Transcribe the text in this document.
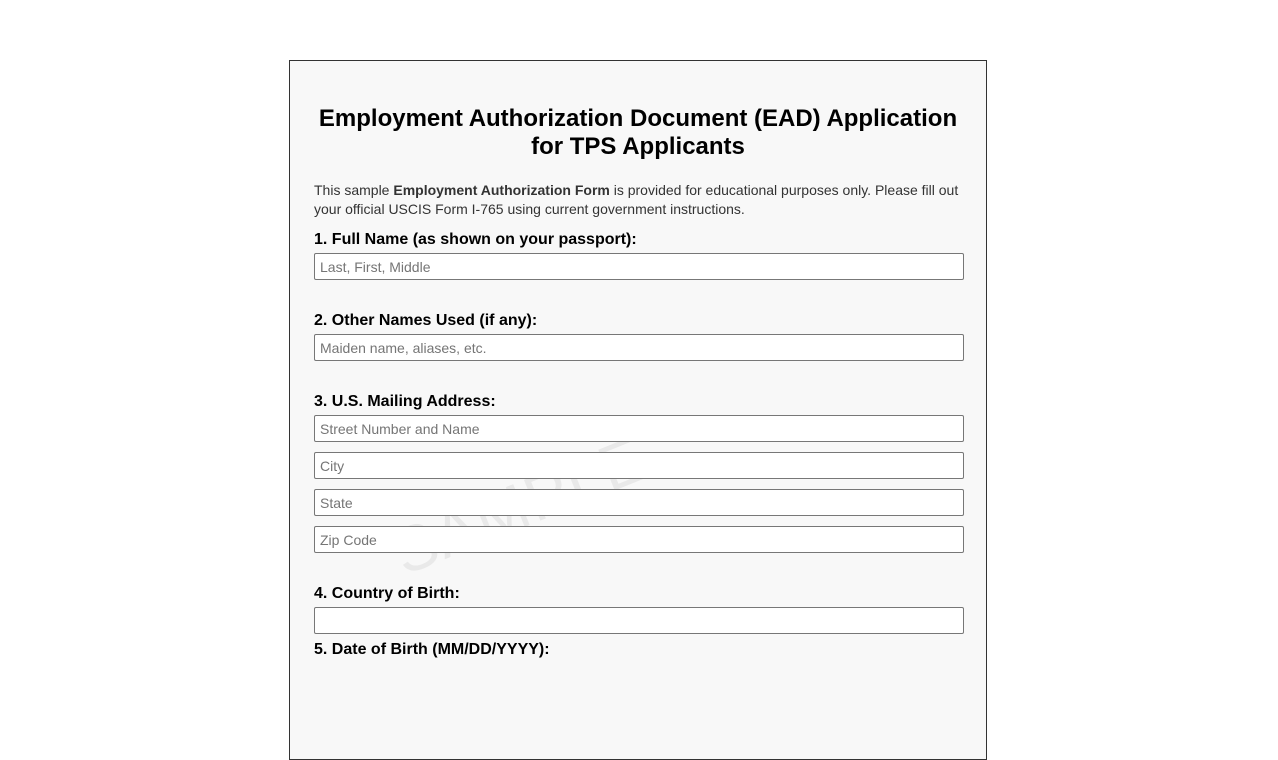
Employment Authorization Document (EAD) Application for TPS Applicants

This sample Employment Authorization Form is provided for educational purposes only. Please fill out your official USCIS Form I-765 using current government instructions.

1. Full Name (as shown on your passport):
Last, First, Middle
2. Other Names Used (if any):
Maiden name, aliases, etc.
3. U.S. Mailing Address:
Street Number and Name
City
State
Zip Code
4. Country of Birth:
5. Date of Birth (MM/DD/YYYY):
